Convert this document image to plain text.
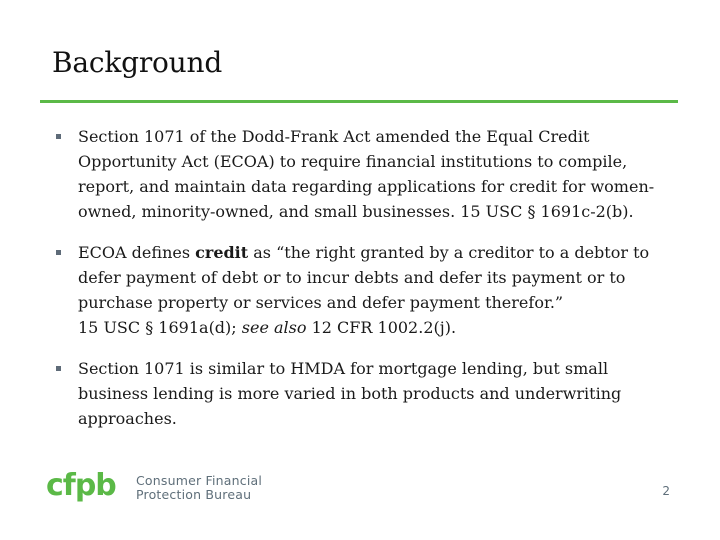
Background
Section 1071 of the Dodd-Frank Act amended the Equal Credit Opportunity Act (ECOA) to require financial institutions to compile, report, and maintain data regarding applications for credit for women-owned, minority-owned, and small businesses. 15 USC § 1691c-2(b).
ECOA defines credit as “the right granted by a creditor to a debtor to defer payment of debt or to incur debts and defer its payment or to purchase property or services and defer payment therefor.”
15 USC § 1691a(d); see also 12 CFR 1002.2(j).
Section 1071 is similar to HMDA for mortgage lending, but small business lending is more varied in both products and underwriting approaches.
cfpb Consumer Financial
Protection Bureau	2
